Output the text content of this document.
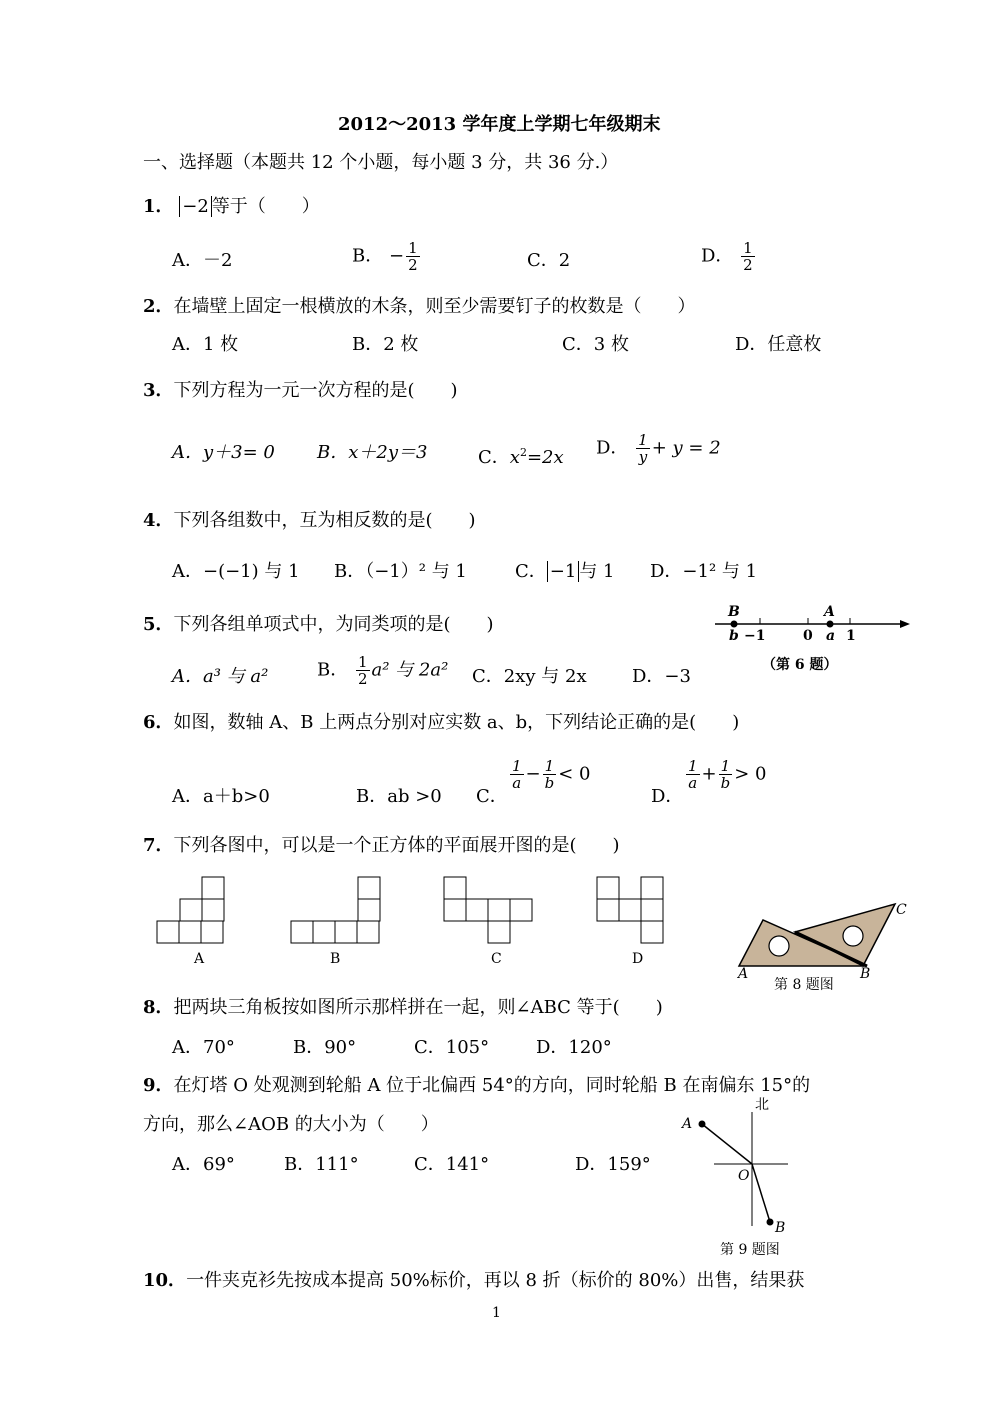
2012～2013 学年度上学期七年级期末
一、选择题（本题共 12 个小题，每小题 3 分，共 36 分.）
1． −2 等于（　　）
A．－2	B． − $\frac{1}{2}$	C．2	D． $\frac{1}{2}$
2．在墙壁上固定一根横放的木条，则至少需要钉子的枚数是（　　）
A．1 枚	B．2 枚	C．3 枚	D．任意枚
3．下列方程为一元一次方程的是(　　)
A．y＋3= 0 B．x＋2y＝3	C．$x^2=2x$ D． $\frac{1}{y} + y = 2$
4．下列各组数中，互为相反数的是(　　)
A．−(−1) 与 1 B．（−1）² 与 1	C． −1 与 1 D．−1² 与 1
5．下列各组单项式中，为同类项的是(　　)
A．a³ 与 a²	B． $\frac{1}{2} a^2$ 与 2a² C．2xy 与 2x	D．−3
B	A
b −1	0 a 1
（第 6 题）
6．如图，数轴 A、B 上两点分别对应实数 a、b，下列结论正确的是(　　)
A．a＋b>0	B．ab >0 C．
$\frac{1}{a} - \frac{1}{b} < 0$
D．
$\frac{1}{a} + \frac{1}{b} > 0$
7．下列各图中，可以是一个正方体的平面展开图的是(　　)
A	B	C	D
A	B
C
第 8 题图
8．把两块三角板按如图所示那样拼在一起，则∠ABC 等于(　　)
A．70°	B．90°	C．105°	D．120°
9．在灯塔 O 处观测到轮船 A 位于北偏西 54°的方向，同时轮船 B 在南偏东 15°的
方向，那么∠AOB 的大小为（　　）
A．69°	B．111°	C．141°	D．159°
北
A
O
B
第 9 题图
10．一件夹克衫先按成本提高 50%标价，再以 8 折（标价的 80%）出售，结果获
1
